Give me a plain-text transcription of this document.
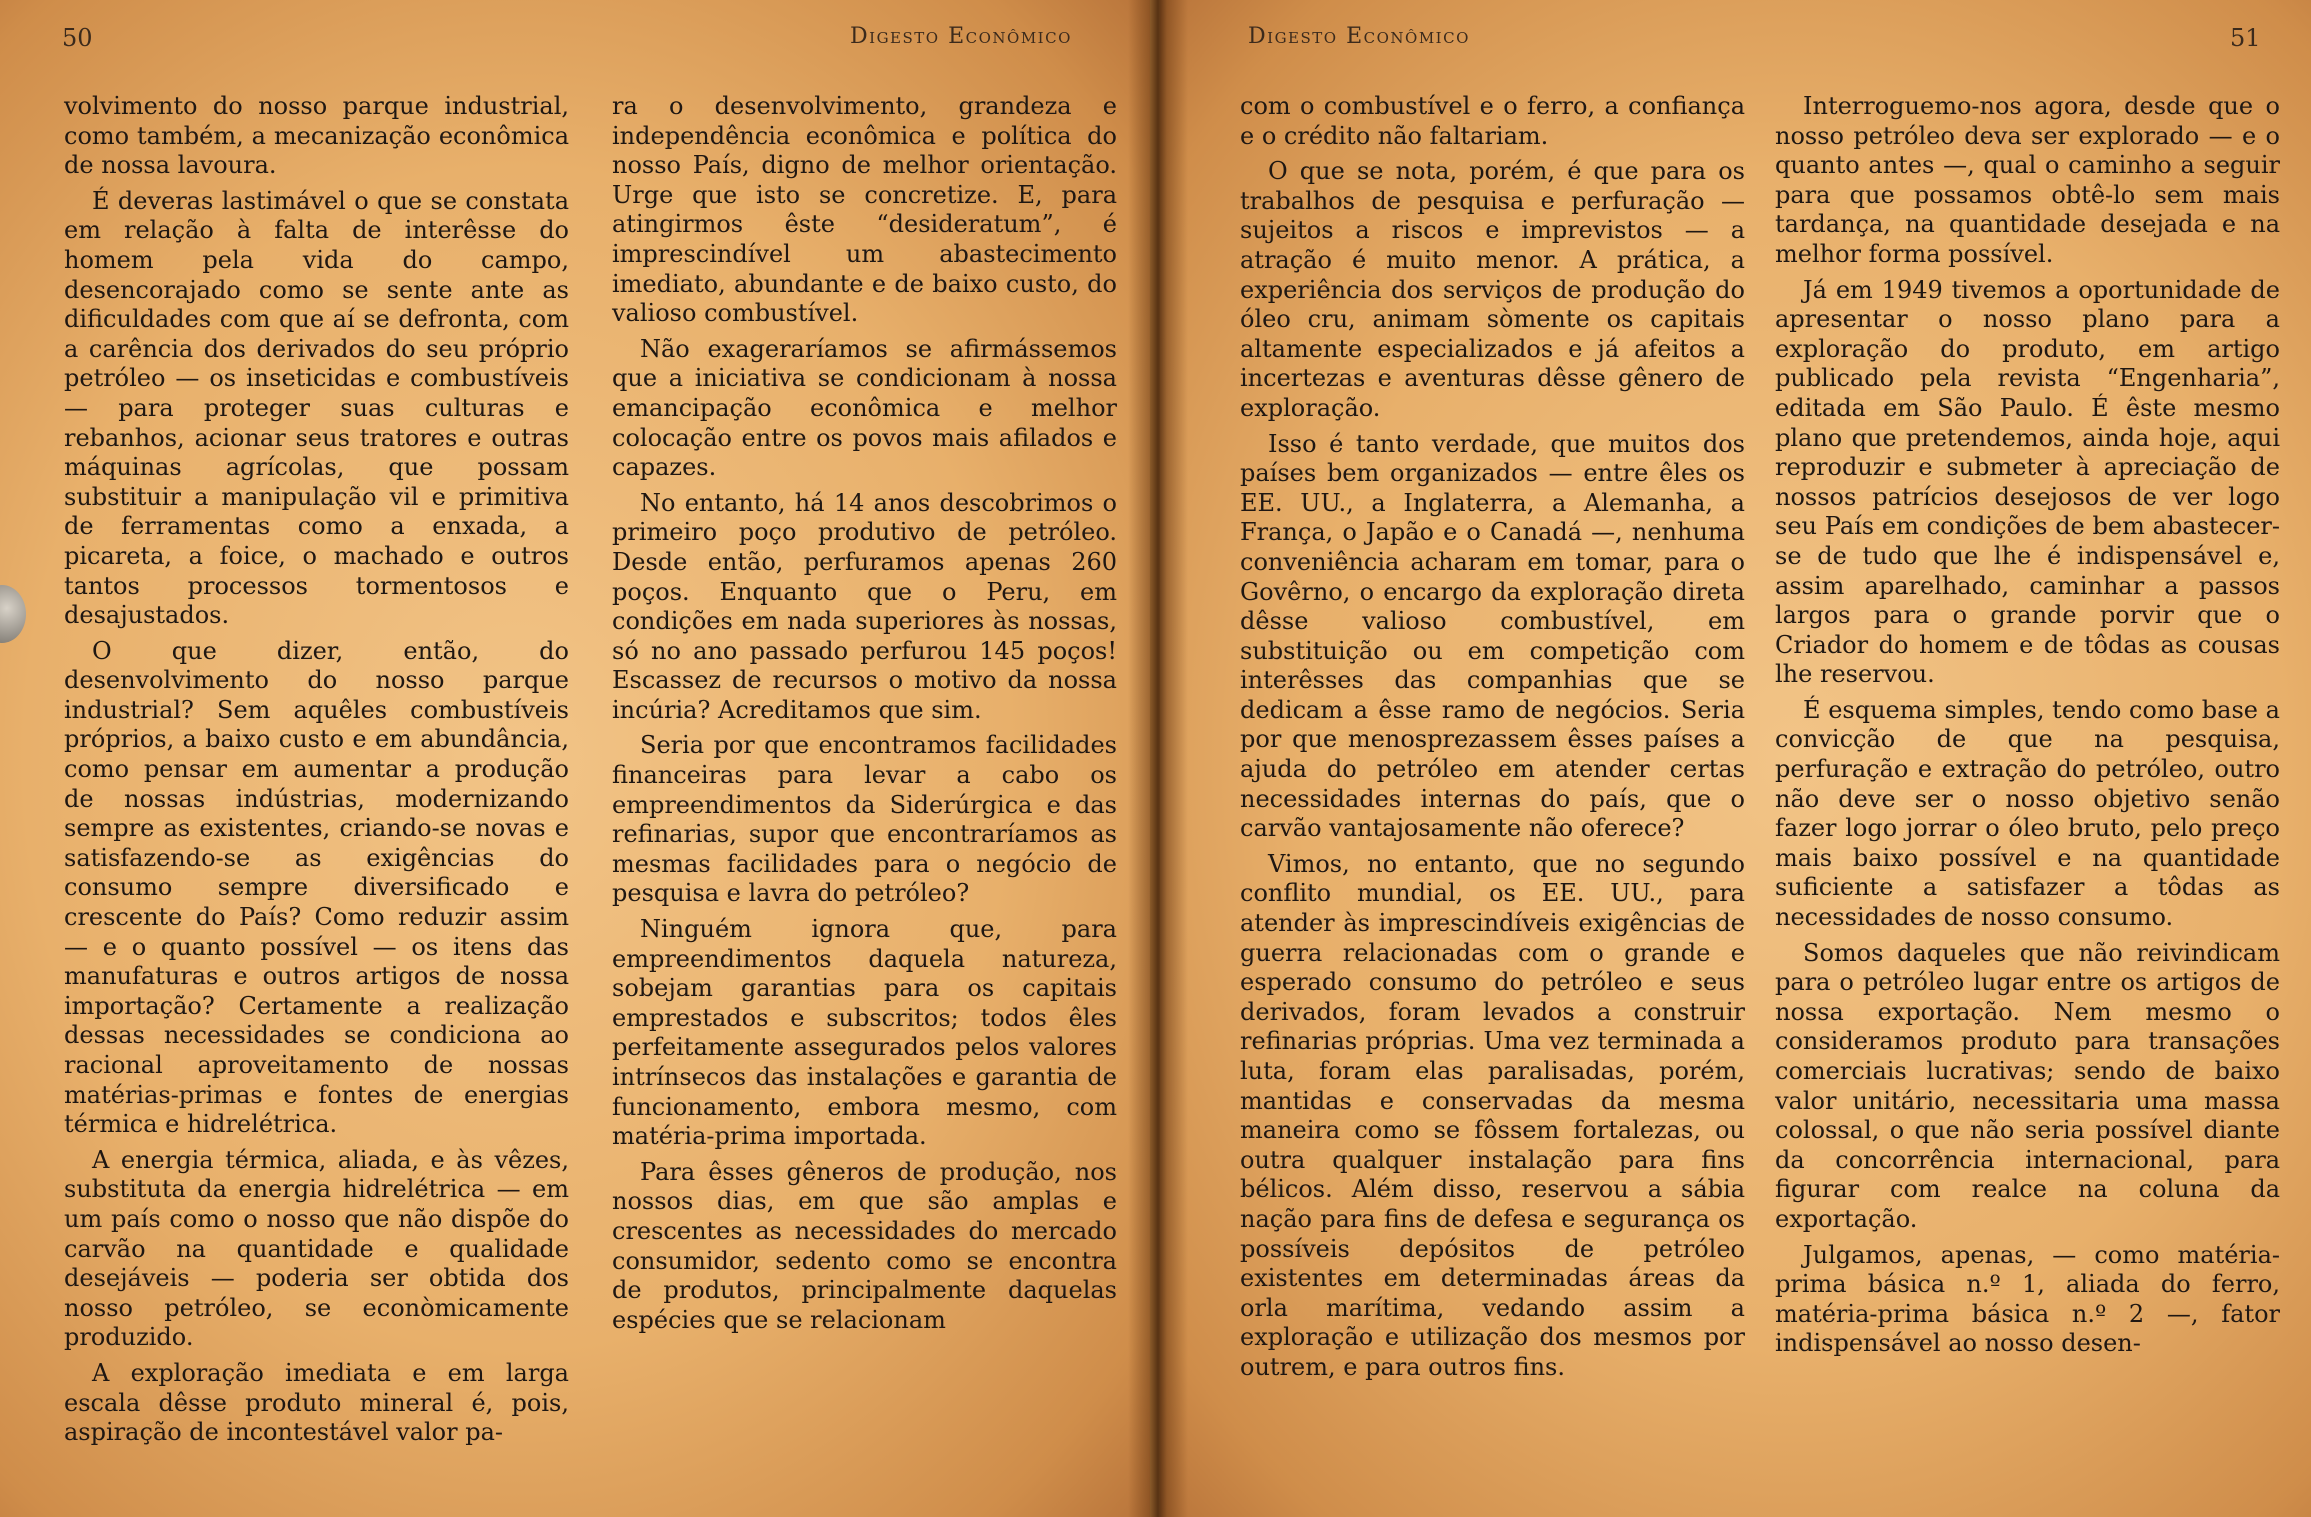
50	Digesto Econômico

volvimento do nosso parque industrial, como também, a mecanização econômica de nossa lavoura.

É deveras lastimável o que se constata em relação à falta de interêsse do homem pela vida do campo, desencorajado como se sente ante as dificuldades com que aí se defronta, com a carência dos derivados do seu próprio petróleo — os inseticidas e combustíveis — para proteger suas culturas e rebanhos, acionar seus tratores e outras máquinas agrícolas, que possam substituir a manipulação vil e primitiva de ferramentas como a enxada, a picareta, a foice, o machado e outros tantos processos tormentosos e desajustados.

O que dizer, então, do desenvolvimento do nosso parque industrial? Sem aquêles combustíveis próprios, a baixo custo e em abundância, como pensar em aumentar a produção de nossas indústrias, modernizando sempre as existentes, criando-se novas e satisfazendo-se as exigências do consumo sempre diversificado e crescente do País? Como reduzir assim — e o quanto possível — os itens das manufaturas e outros artigos de nossa importação? Certamente a realização dessas necessidades se condiciona ao racional aproveitamento de nossas matérias-primas e fontes de energias térmica e hidrelétrica.

A energia térmica, aliada, e às vêzes, substituta da energia hidrelétrica — em um país como o nosso que não dispõe do carvão na quantidade e qualidade desejáveis — poderia ser obtida dos nosso petróleo, se econòmicamente produzido.

A exploração imediata e em larga escala dêsse produto mineral é, pois, aspiração de incontestável valor pa-

ra o desenvolvimento, grandeza e independência econômica e política do nosso País, digno de melhor orientação. Urge que isto se concretize. E, para atingirmos êste “desideratum”, é imprescindível um abastecimento imediato, abundante e de baixo custo, do valioso combustível.

Não exageraríamos se afirmássemos que a iniciativa se condicionam à nossa emancipação econômica e melhor colocação entre os povos mais afilados e capazes.

No entanto, há 14 anos descobrimos o primeiro poço produtivo de petróleo. Desde então, perfuramos apenas 260 poços. Enquanto que o Peru, em condições em nada superiores às nossas, só no ano passado perfurou 145 poços! Escassez de recursos o motivo da nossa incúria? Acreditamos que sim.

Seria por que encontramos facilidades financeiras para levar a cabo os empreendimentos da Siderúrgica e das refinarias, supor que encontraríamos as mesmas facilidades para o negócio de pesquisa e lavra do petróleo?

Ninguém ignora que, para empreendimentos daquela natureza, sobejam garantias para os capitais emprestados e subscritos; todos êles perfeitamente assegurados pelos valores intrínsecos das instalações e garantia de funcionamento, embora mesmo, com matéria-prima importada.

Para êsses gêneros de produção, nos nossos dias, em que são amplas e crescentes as necessidades do mercado consumidor, sedento como se encontra de produtos, principalmente daquelas espécies que se relacionam

Digesto Econômico	51

com o combustível e o ferro, a confiança e o crédito não faltariam.

O que se nota, porém, é que para os trabalhos de pesquisa e perfuração — sujeitos a riscos e imprevistos — a atração é muito menor. A prática, a experiência dos serviços de produção do óleo cru, animam sòmente os capitais altamente especializados e já afeitos a incertezas e aventuras dêsse gênero de exploração.

Isso é tanto verdade, que muitos dos países bem organizados — entre êles os EE. UU., a Inglaterra, a Alemanha, a França, o Japão e o Canadá —, nenhuma conveniência acharam em tomar, para o Govêrno, o encargo da exploração direta dêsse valioso combustível, em substituição ou em competição com interêsses das companhias que se dedicam a êsse ramo de negócios. Seria por que menosprezassem êsses países a ajuda do petróleo em atender certas necessidades internas do país, que o carvão vantajosamente não oferece?

Vimos, no entanto, que no segundo conflito mundial, os EE. UU., para atender às imprescindíveis exigências de guerra relacionadas com o grande e esperado consumo do petróleo e seus derivados, foram levados a construir refinarias próprias. Uma vez terminada a luta, foram elas paralisadas, porém, mantidas e conservadas da mesma maneira como se fôssem fortalezas, ou outra qualquer instalação para fins bélicos. Além disso, reservou a sábia nação para fins de defesa e segurança os possíveis depósitos de petróleo existentes em determinadas áreas da orla marítima, vedando assim a exploração e utilização dos mesmos por outrem, e para outros fins.

Interroguemo-nos agora, desde que o nosso petróleo deva ser explorado — e o quanto antes —, qual o caminho a seguir para que possamos obtê-lo sem mais tardança, na quantidade desejada e na melhor forma possível.

Já em 1949 tivemos a oportunidade de apresentar o nosso plano para a exploração do produto, em artigo publicado pela revista “Engenharia”, editada em São Paulo. É êste mesmo plano que pretendemos, ainda hoje, aqui reproduzir e submeter à apreciação de nossos patrícios desejosos de ver logo seu País em condições de bem abastecer-se de tudo que lhe é indispensável e, assim aparelhado, caminhar a passos largos para o grande porvir que o Criador do homem e de tôdas as cousas lhe reservou.

É esquema simples, tendo como base a convicção de que na pesquisa, perfuração e extração do petróleo, outro não deve ser o nosso objetivo senão fazer logo jorrar o óleo bruto, pelo preço mais baixo possível e na quantidade suficiente a satisfazer a tôdas as necessidades de nosso consumo.

Somos daqueles que não reivindicam para o petróleo lugar entre os artigos de nossa exportação. Nem mesmo o consideramos produto para transações comerciais lucrativas; sendo de baixo valor unitário, necessitaria uma massa colossal, o que não seria possível diante da concorrência internacional, para figurar com realce na coluna da exportação.

Julgamos, apenas, — como matéria-prima básica n.º 1, aliada do ferro, matéria-prima básica n.º 2 —, fator indispensável ao nosso desen-
